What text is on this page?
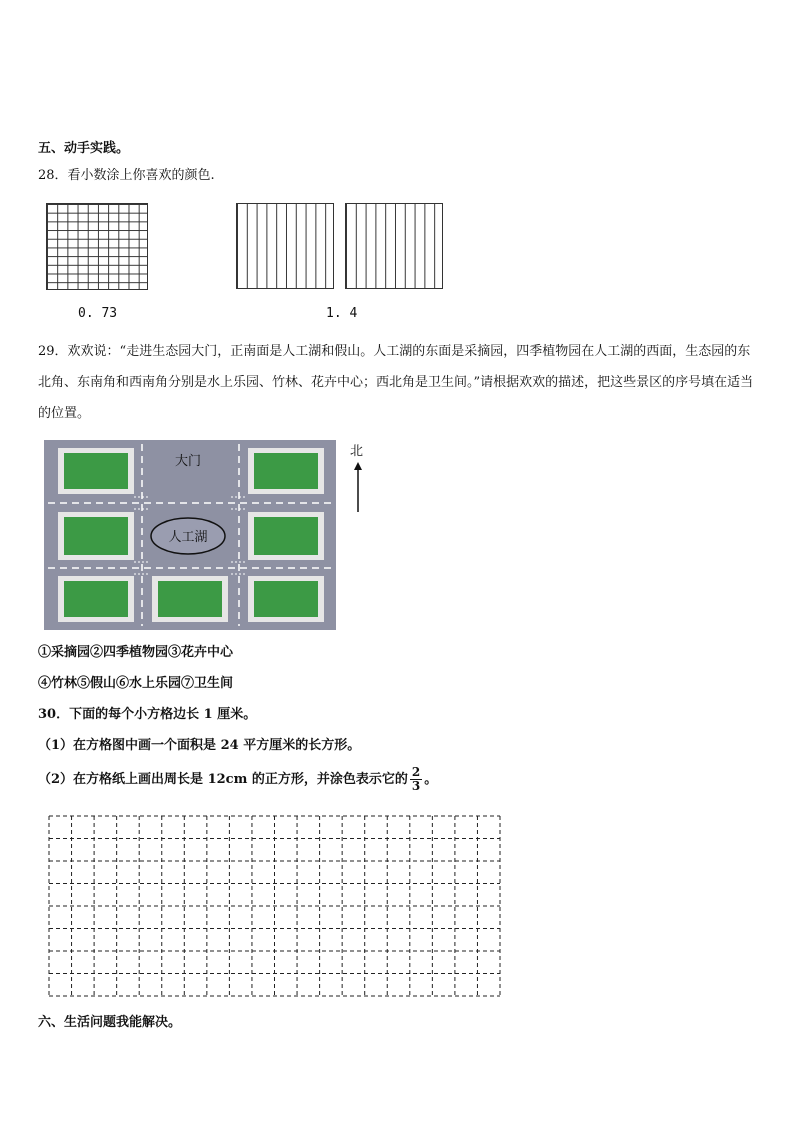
五、动手实践。
28．看小数涂上你喜欢的颜色.
0. 73	1. 4
29．欢欢说：“走进生态园大门，正南面是人工湖和假山。人工湖的东面是采摘园，四季植物园在人工湖的西面，生态园的东北角、东南角和西南角分别是水上乐园、竹林、花卉中心；西北角是卫生间。”请根据欢欢的描述，把这些景区的序号填在适当的位置。
人工湖
大门
北
①采摘园②四季植物园③花卉中心
④竹林⑤假山⑥水上乐园⑦卫生间
30．下面的每个小方格边长 1 厘米。
（1）在方格图中画一个面积是 24 平方厘米的长方形。
（2）在方格纸上画出周长是 12cm 的正方形，并涂色表示它的 $\frac{2}{3}$ 。
六、生活问题我能解决。
